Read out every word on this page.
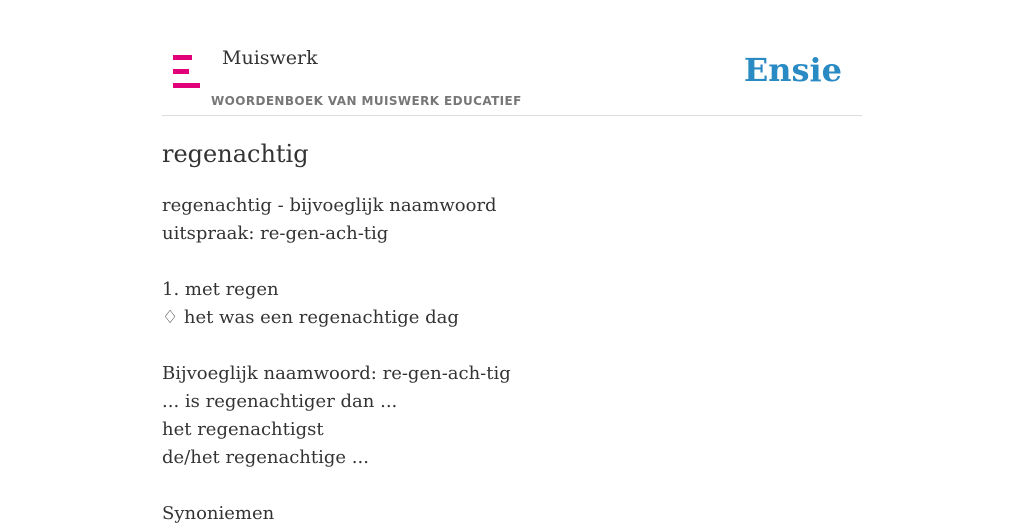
Muiswerk
WOORDENBOEK VAN MUISWERK EDUCATIEF
Ensie
regenachtig
regenachtig - bijvoeglijk naamwoord
uitspraak: re-gen-ach-tig
1. met regen
♢ het was een regenachtige dag
Bijvoeglijk naamwoord: re-gen-ach-tig
... is regenachtiger dan ...
het regenachtigst
de/het regenachtige ...
Synoniemen
